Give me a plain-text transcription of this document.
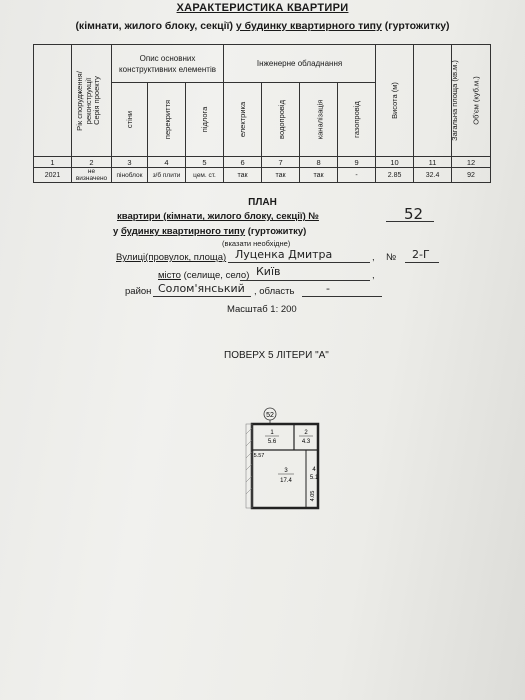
ХАРАКТЕРИСТИКА КВАРТИРИ
(кімнати, жилого блоку, секції) у будинку квартирного типу (гуртожитку)
Рік спорудження/ реконструкції	Серія проекту	Опис основних конструктивних елементів			Інженерне обладнання				Висота (м)	Загальна площа (кв.м.)	Об'єм (куб.м.)
		стіни	перекриття	підлога	електрика	водопровід	каналізація	газопровід			
1	2	3	4	5	6	7	8	9	10	11	12
2021	не визначено	піноблок	з/б плити	цем. ст.	так	так	так	-	2.85	32.4	92
ПЛАН
квартири (кімнати, жилого блоку, секції) №	52
у будинку квартирного типу (гуртожитку)
(вказати необхідне)
Вулиці(провулок, площа) Луценка Дмитра	, № 2-Г
місто (селище, село) Київ	,
район Солом'янський , область	-
Масштаб 1: 200
ПОВЕРХ 5 ЛІТЕРИ "А"
52
1
5.6
2
4.3
5.57
3
17.4
4
5.1
4.05
